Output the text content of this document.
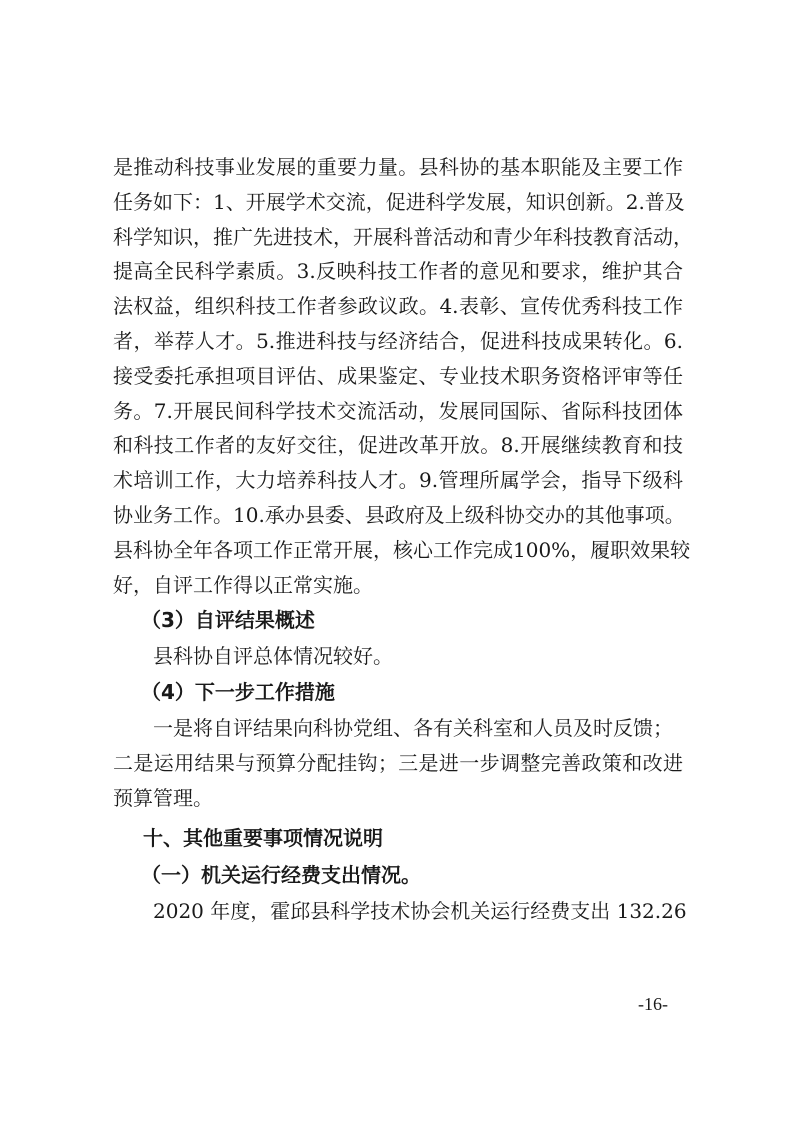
是推动科技事业发展的重要力量。县科协的基本职能及主要工作
任务如下：1、开展学术交流，促进科学发展，知识创新。2.普及
科学知识，推广先进技术，开展科普活动和青少年科技教育活动，
提高全民科学素质。3.反映科技工作者的意见和要求，维护其合
法权益，组织科技工作者参政议政。4.表彰、宣传优秀科技工作
者，举荐人才。5.推进科技与经济结合，促进科技成果转化。6.
接受委托承担项目评估、成果鉴定、专业技术职务资格评审等任
务。7.开展民间科学技术交流活动，发展同国际、省际科技团体
和科技工作者的友好交往，促进改革开放。8.开展继续教育和技
术培训工作，大力培养科技人才。9.管理所属学会，指导下级科
协业务工作。10.承办县委、县政府及上级科协交办的其他事项。
县科协全年各项工作正常开展，核心工作完成100%，履职效果较
好，自评工作得以正常实施。
（3）自评结果概述
县科协自评总体情况较好。
（4）下一步工作措施
一是将自评结果向科协党组、各有关科室和人员及时反馈；
二是运用结果与预算分配挂钩；三是进一步调整完善政策和改进
预算管理。
十、其他重要事项情况说明
（一）机关运行经费支出情况。
2020 年度，霍邱县科学技术协会机关运行经费支出 132.26
-16-
